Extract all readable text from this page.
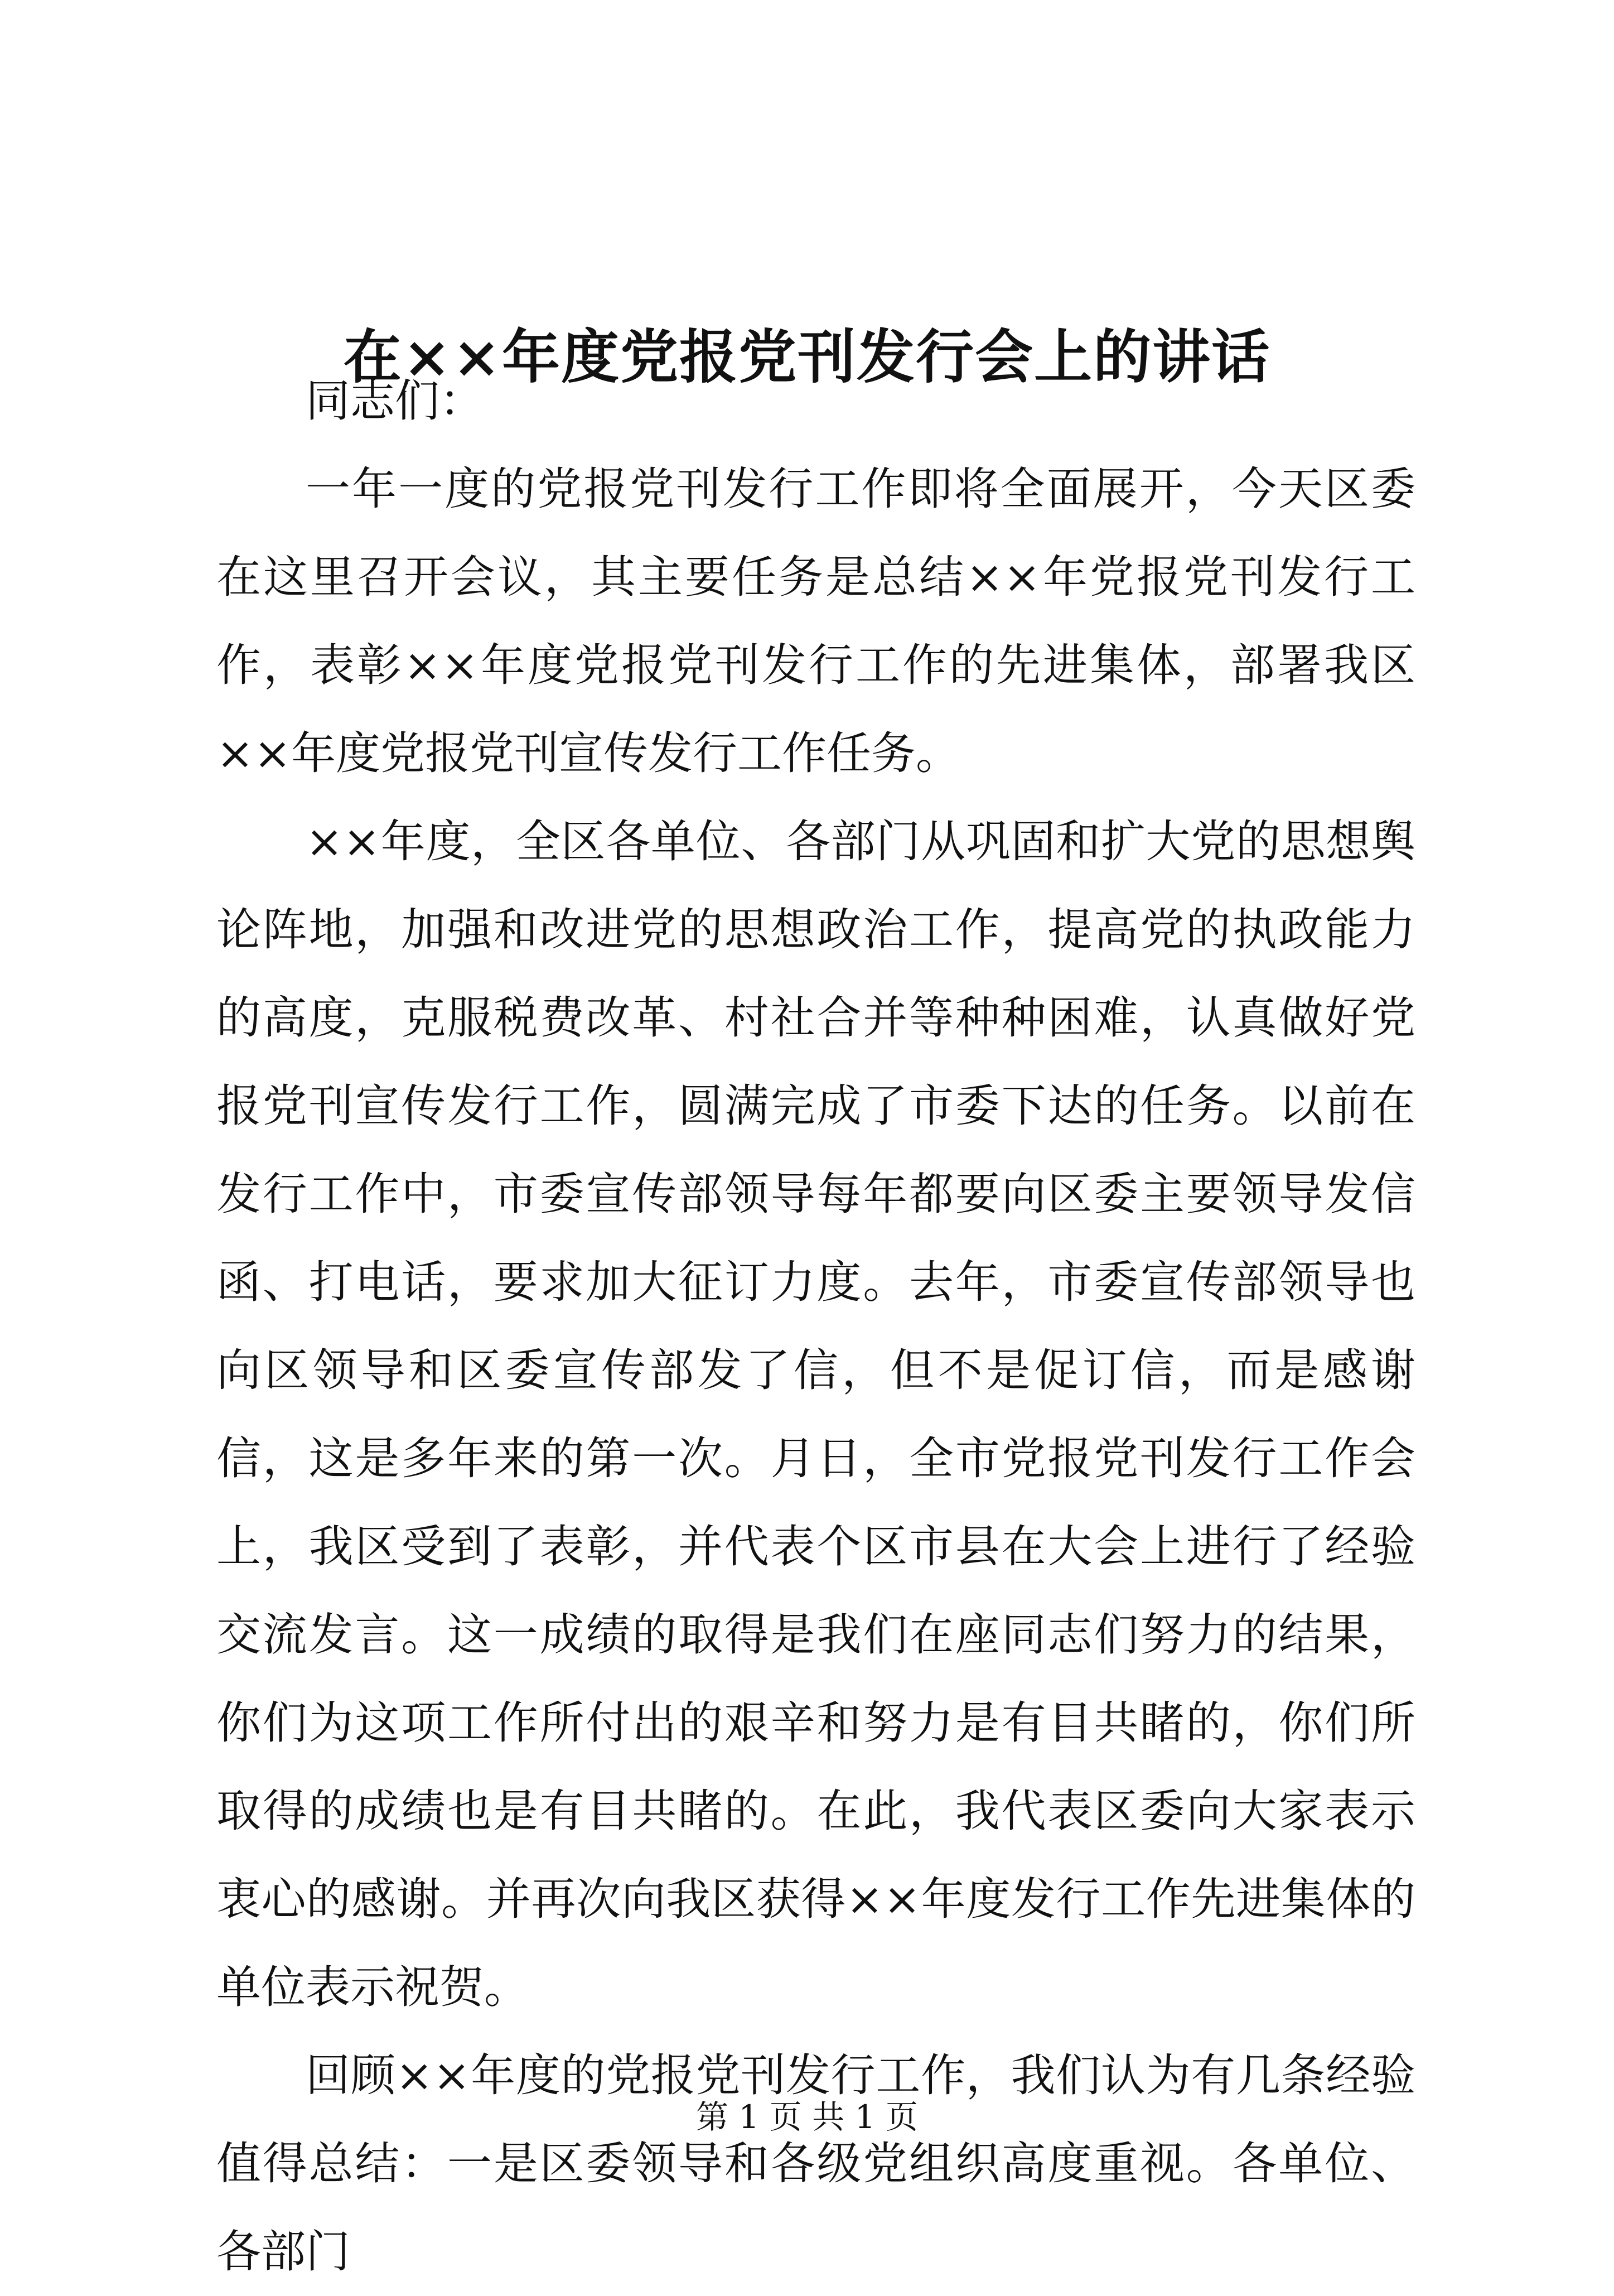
在××年度党报党刊发行会上的讲话

同志们：

一年一度的党报党刊发行工作即将全面展开，今天区委在这里召开会议，其主要任务是总结××年党报党刊发行工作，表彰××年度党报党刊发行工作的先进集体，部署我区××年度党报党刊宣传发行工作任务。

××年度，全区各单位、各部门从巩固和扩大党的思想舆论阵地，加强和改进党的思想政治工作，提高党的执政能力的高度，克服税费改革、村社合并等种种困难，认真做好党报党刊宣传发行工作，圆满完成了市委下达的任务。以前在发行工作中，市委宣传部领导每年都要向区委主要领导发信函、打电话，要求加大征订力度。去年，市委宣传部领导也向区领导和区委宣传部发了信，但不是促订信，而是感谢信，这是多年来的第一次。月日，全市党报党刊发行工作会上，我区受到了表彰，并代表个区市县在大会上进行了经验交流发言。这一成绩的取得是我们在座同志们努力的结果，你们为这项工作所付出的艰辛和努力是有目共睹的，你们所取得的成绩也是有目共睹的。在此，我代表区委向大家表示衷心的感谢。并再次向我区获得××年度发行工作先进集体的单位表示祝贺。

回顾××年度的党报党刊发行工作，我们认为有几条经验值得总结：一是区委领导和各级党组织高度重视。各单位、各部门

第 1 页 共 1 页
